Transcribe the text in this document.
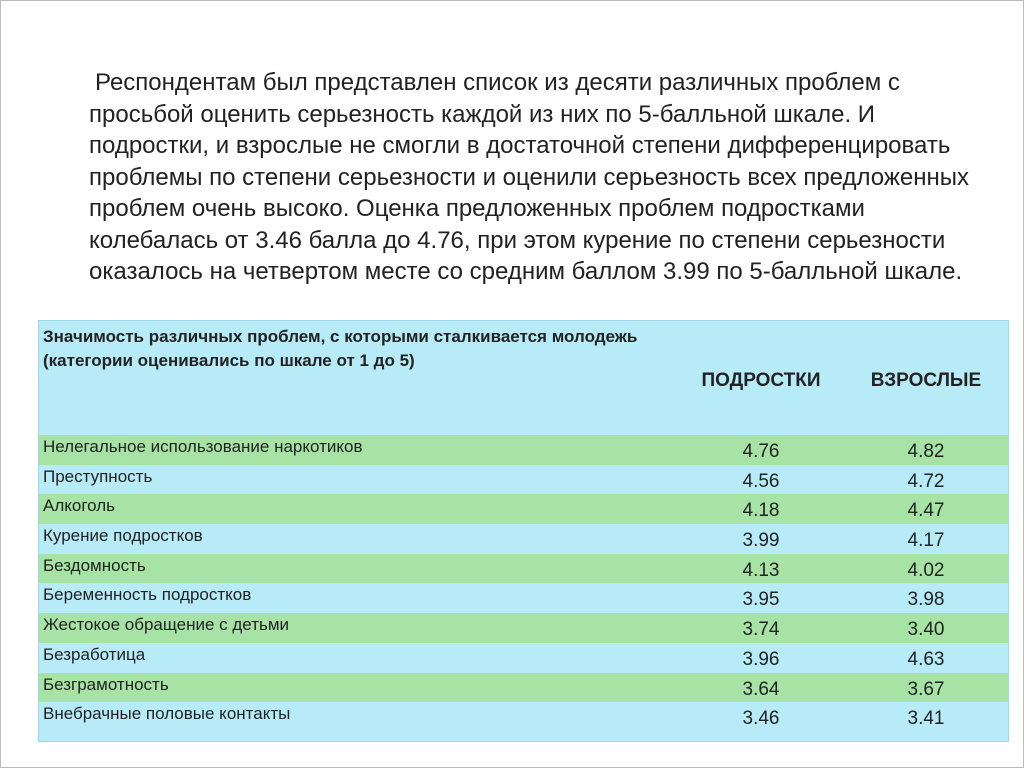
Респондентам был представлен список из десяти различных проблем с просьбой оценить серьезность каждой из них по 5-балльной шкале. И подростки, и взрослые не смогли в достаточной степени дифференцировать проблемы по степени серьезности и оценили серьезность всех предложенных проблем очень высоко. Оценка предложенных проблем подростками колебалась от 3.46 балла до 4.76, при этом курение по степени серьезности оказалось на четвертом месте со средним баллом 3.99 по 5-балльной шкале.

Значимость различных проблем, с которыми сталкивается молодежь
(категории оценивались по шкале от 1 до 5)

ПОДРОСТКИ	ВЗРОСЛЫЕ

Нелегальное использование наркотиков	4.76	4.82
Преступность	4.56	4.72
Алкоголь	4.18	4.47
Курение подростков	3.99	4.17
Бездомность	4.13	4.02
Беременность подростков	3.95	3.98
Жестокое обращение с детьми	3.74	3.40
Безработица	3.96	4.63
Безграмотность	3.64	3.67
Внебрачные половые контакты	3.46	3.41
